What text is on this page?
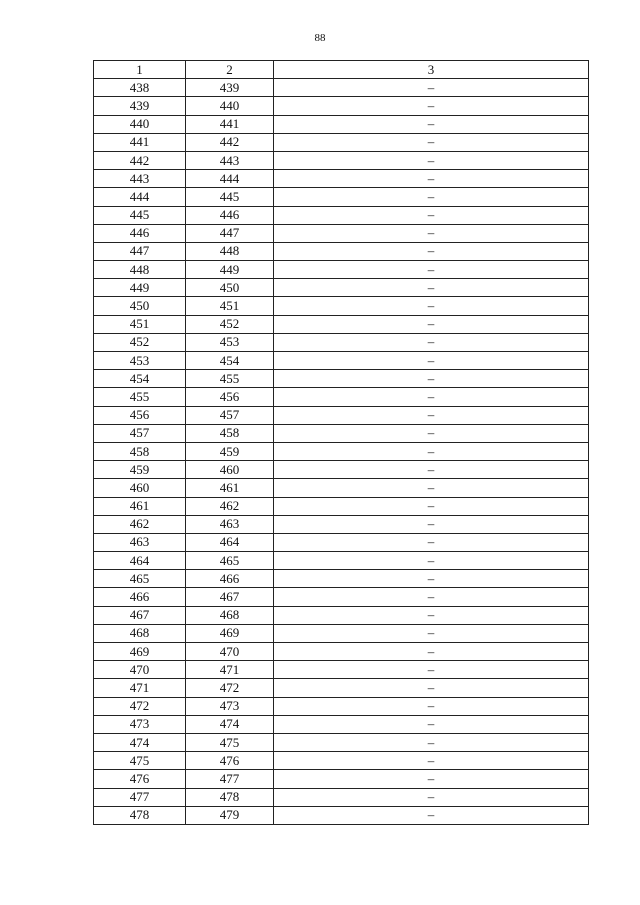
88
1	2	3
438	439	–
439	440	–
440	441	–
441	442	–
442	443	–
443	444	–
444	445	–
445	446	–
446	447	–
447	448	–
448	449	–
449	450	–
450	451	–
451	452	–
452	453	–
453	454	–
454	455	–
455	456	–
456	457	–
457	458	–
458	459	–
459	460	–
460	461	–
461	462	–
462	463	–
463	464	–
464	465	–
465	466	–
466	467	–
467	468	–
468	469	–
469	470	–
470	471	–
471	472	–
472	473	–
473	474	–
474	475	–
475	476	–
476	477	–
477	478	–
478	479	–
